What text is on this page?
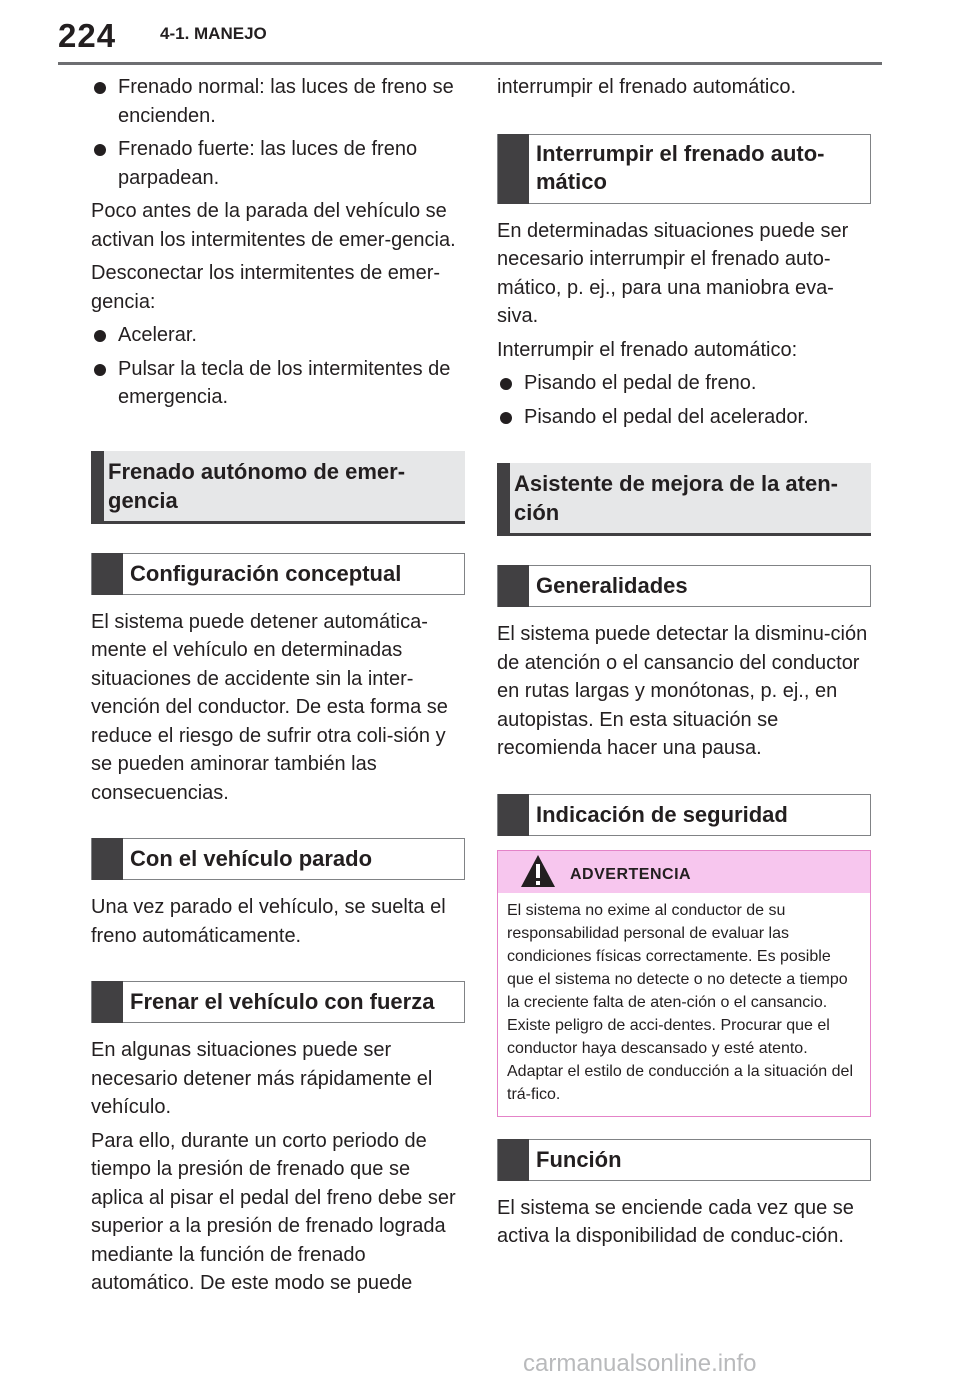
224	4-1. MANEJO
Frenado normal: las luces de freno se encienden.
Frenado fuerte: las luces de freno parpadean.
Poco antes de la parada del vehículo se activan los intermitentes de emer-gencia.
Desconectar los intermitentes de emer-gencia:
Acelerar.
Pulsar la tecla de los intermitentes de emergencia.
Frenado autónomo de emer-gencia
Configuración conceptual
El sistema puede detener automática-mente el vehículo en determinadas situaciones de accidente sin la inter-vención del conductor. De esta forma se reduce el riesgo de sufrir otra coli-sión y se pueden aminorar también las consecuencias.
Con el vehículo parado
Una vez parado el vehículo, se suelta el freno automáticamente.
Frenar el vehículo con fuerza
En algunas situaciones puede ser necesario detener más rápidamente el vehículo.
Para ello, durante un corto periodo de tiempo la presión de frenado que se aplica al pisar el pedal del freno debe ser superior a la presión de frenado lograda mediante la función de frenado automático. De este modo se puede
interrumpir el frenado automático.
Interrumpir el frenado auto-mático
En determinadas situaciones puede ser necesario interrumpir el frenado auto-mático, p. ej., para una maniobra eva-siva.
Interrumpir el frenado automático:
Pisando el pedal de freno.
Pisando el pedal del acelerador.
Asistente de mejora de la aten-ción
Generalidades
El sistema puede detectar la disminu-ción de atención o el cansancio del conductor en rutas largas y monótonas, p. ej., en autopistas. En esta situación se recomienda hacer una pausa.
Indicación de seguridad
ADVERTENCIA
El sistema no exime al conductor de su responsabilidad personal de evaluar las condiciones físicas correctamente. Es posible que el sistema no detecte o no detecte a tiempo la creciente falta de aten-ción o el cansancio. Existe peligro de acci-dentes. Procurar que el conductor haya descansado y esté atento. Adaptar el estilo de conducción a la situación del trá-fico.
Función
El sistema se enciende cada vez que se activa la disponibilidad de conduc-ción.
carmanualsonline.info
